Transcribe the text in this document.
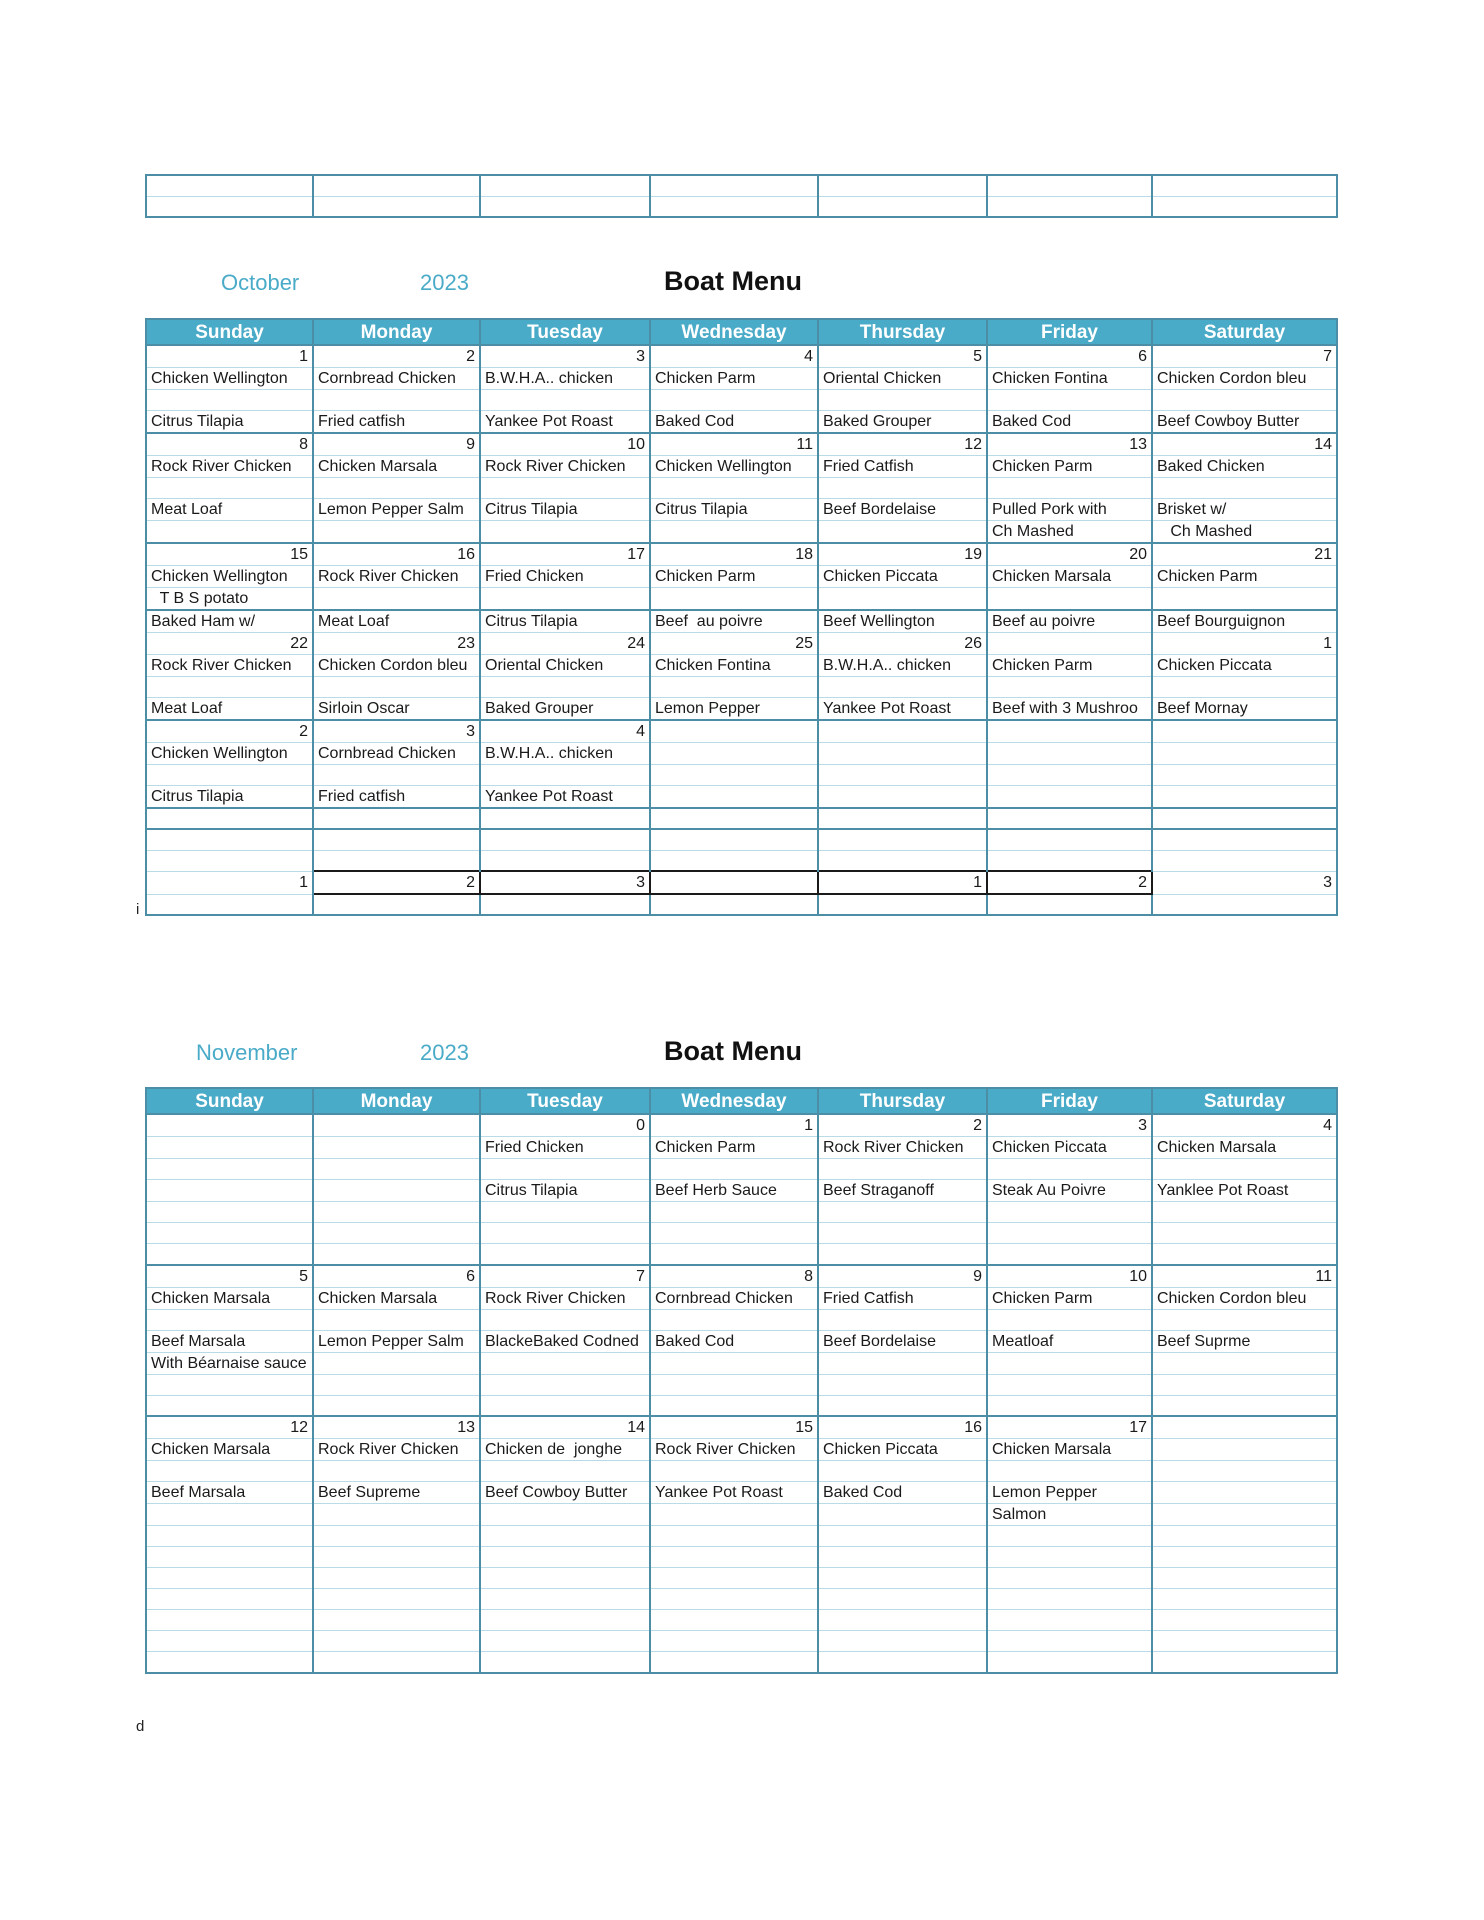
October	2023	Boat Menu
Sunday	Monday	Tuesday	Wednesday	Thursday	Friday	Saturday
1	2	3	4	5	6	7
Chicken Wellington	Cornbread Chicken	B.W.H.A.. chicken	Chicken Parm	Oriental Chicken	Chicken Fontina	Chicken Cordon bleu

Citrus Tilapia	Fried catfish	Yankee Pot Roast	Baked Cod	Baked Grouper	Baked Cod	Beef Cowboy Butter
8	9	10	11	12	13	14
Rock River Chicken	Chicken Marsala	Rock River Chicken	Chicken Wellington	Fried Catfish	Chicken Parm	Baked Chicken

Meat Loaf	Lemon Pepper Salm	Citrus Tilapia	Citrus Tilapia	Beef Bordelaise	Pulled Pork with	Brisket w/
					Ch Mashed	Ch Mashed
15	16	17	18	19	20	21
Chicken Wellington	Rock River Chicken	Fried Chicken	Chicken Parm	Chicken Piccata	Chicken Marsala	Chicken Parm
T B S potato						
Baked Ham w/	Meat Loaf	Citrus Tilapia	Beef  au poivre	Beef Wellington	Beef au poivre	Beef Bourguignon
22	23	24	25	26		1
Rock River Chicken	Chicken Cordon bleu	Oriental Chicken	Chicken Fontina	B.W.H.A.. chicken	Chicken Parm	Chicken Piccata

Meat Loaf	Sirloin Oscar	Baked Grouper	Lemon Pepper	Yankee Pot Roast	Beef with 3 Mushroo	Beef Mornay
2	3	4				
Chicken Wellington	Cornbread Chicken	B.W.H.A.. chicken				

Citrus Tilapia	Fried catfish	Yankee Pot Roast				

1	2	3		1	2	3

i
November	2023	Boat Menu
Sunday	Monday	Tuesday	Wednesday	Thursday	Friday	Saturday
		0	1	2	3	4
		Fried Chicken	Chicken Parm	Rock River Chicken	Chicken Piccata	Chicken Marsala

		Citrus Tilapia	Beef Herb Sauce	Beef Straganoff	Steak Au Poivre	Yanklee Pot Roast

5	6	7	8	9	10	11
Chicken Marsala	Chicken Marsala	Rock River Chicken	Cornbread Chicken	Fried Catfish	Chicken Parm	Chicken Cordon bleu

Beef Marsala	Lemon Pepper Salm	BlackeBaked Codned	Baked Cod	Beef Bordelaise	Meatloaf	Beef Suprme
With Béarnaise sauce						

12	13	14	15	16	17	
Chicken Marsala	Rock River Chicken	Chicken de  jonghe	Rock River Chicken	Chicken Piccata	Chicken Marsala	

Beef Marsala	Beef Supreme	Beef Cowboy Butter	Yankee Pot Roast	Baked Cod	Lemon Pepper	
					Salmon	

d
